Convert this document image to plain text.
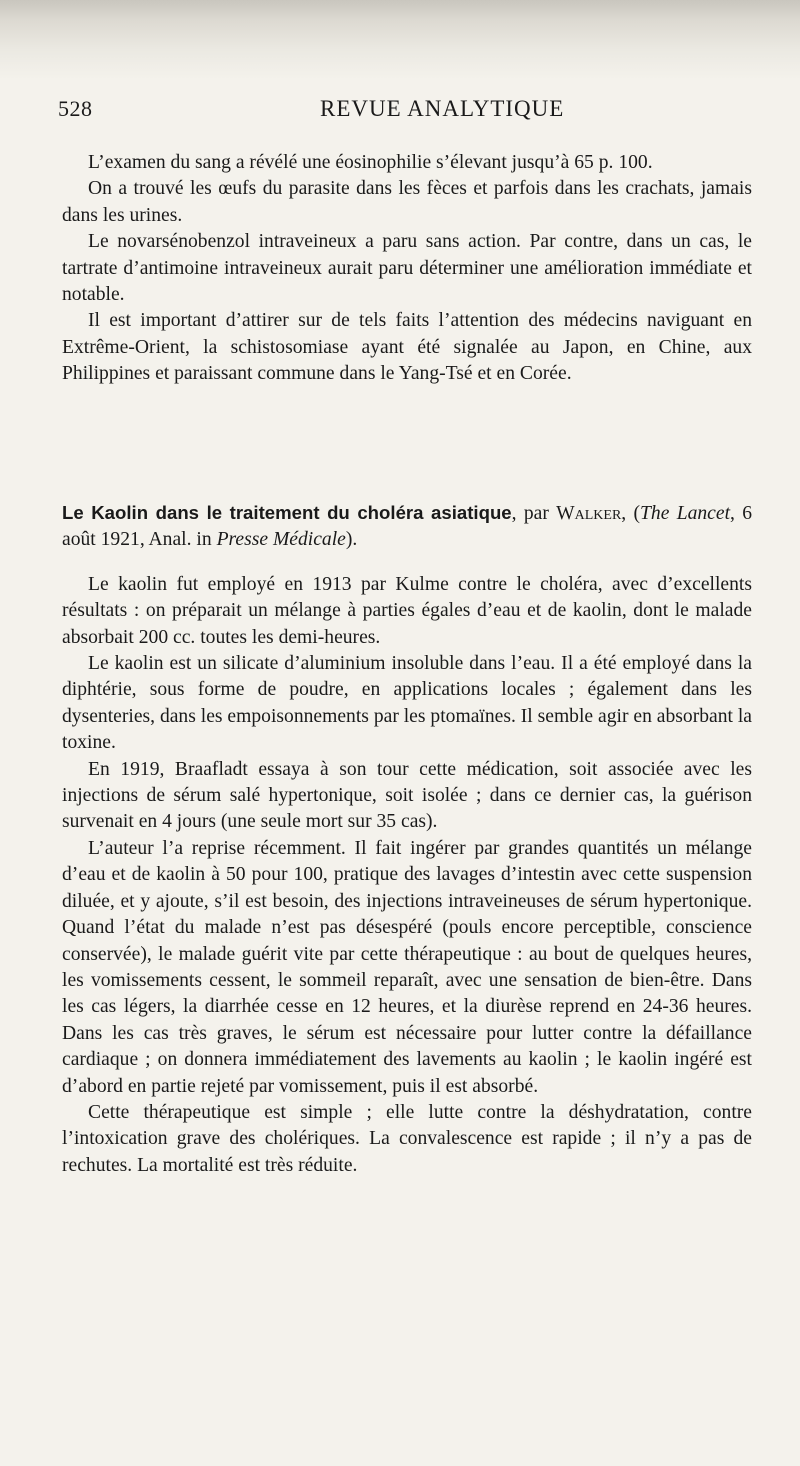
528	REVUE ANALYTIQUE

L’examen du sang a révélé une éosinophilie s’élevant jusqu’à 65 p. 100.

On a trouvé les œufs du parasite dans les fèces et parfois dans les crachats, jamais dans les urines.

Le novarsénobenzol intraveineux a paru sans action. Par contre, dans un cas, le tartrate d’antimoine intraveineux aurait paru déterminer une amélioration immédiate et notable.

Il est important d’attirer sur de tels faits l’attention des médecins naviguant en Extrême-Orient, la schistosomiase ayant été signalée au Japon, en Chine, aux Philippines et paraissant commune dans le Yang-Tsé et en Corée.

Le Kaolin dans le traitement du choléra asiatique, par Walker, (The Lancet, 6 août 1921, Anal. in Presse Médicale).

Le kaolin fut employé en 1913 par Kulme contre le choléra, avec d’excellents résultats : on préparait un mélange à parties égales d’eau et de kaolin, dont le malade absorbait 200 cc. toutes les demi-heures.

Le kaolin est un silicate d’aluminium insoluble dans l’eau. Il a été employé dans la diphtérie, sous forme de poudre, en applications locales ; également dans les dysenteries, dans les empoisonnements par les ptomaïnes. Il semble agir en absorbant la toxine.

En 1919, Braafladt essaya à son tour cette médication, soit associée avec les injections de sérum salé hypertonique, soit isolée ; dans ce dernier cas, la guérison survenait en 4 jours (une seule mort sur 35 cas).

L’auteur l’a reprise récemment. Il fait ingérer par grandes quantités un mélange d’eau et de kaolin à 50 pour 100, pratique des lavages d’intestin avec cette suspension diluée, et y ajoute, s’il est besoin, des injections intraveineuses de sérum hypertonique. Quand l’état du malade n’est pas désespéré (pouls encore perceptible, conscience conservée), le malade guérit vite par cette thérapeutique : au bout de quelques heures, les vomissements cessent, le sommeil reparaît, avec une sensation de bien-être. Dans les cas légers, la diarrhée cesse en 12 heures, et la diurèse reprend en 24-36 heures. Dans les cas très graves, le sérum est nécessaire pour lutter contre la défaillance cardiaque ; on donnera immédiatement des lavements au kaolin ; le kaolin ingéré est d’abord en partie rejeté par vomissement, puis il est absorbé.

Cette thérapeutique est simple ; elle lutte contre la déshydratation, contre l’intoxication grave des cholériques. La convalescence est rapide ; il n’y a pas de rechutes. La mortalité est très réduite.
